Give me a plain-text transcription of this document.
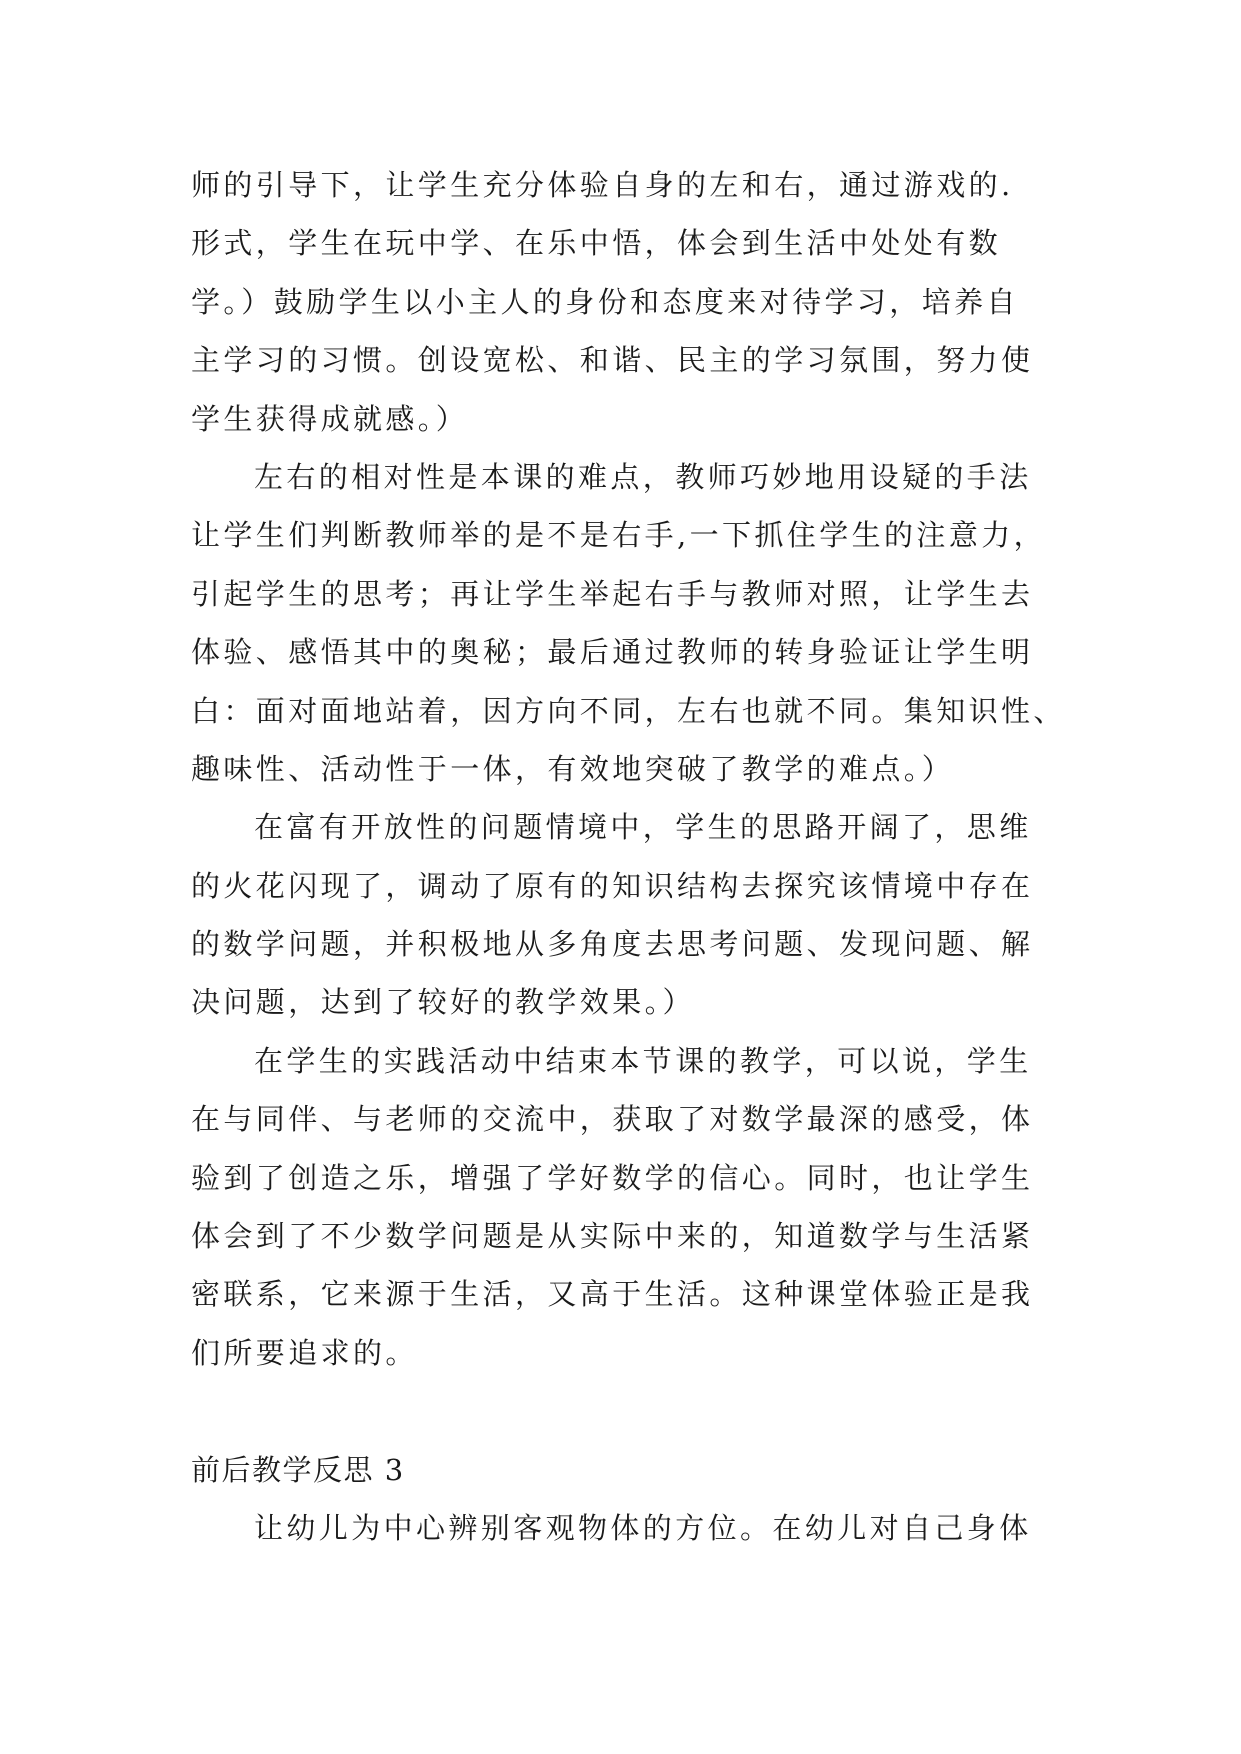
师的引导下，让学生充分体验自身的左和右，通过游戏的.
形式，学生在玩中学、在乐中悟，体会到生活中处处有数
学。）鼓励学生以小主人的身份和态度来对待学习，培养自
主学习的习惯。创设宽松、和谐、民主的学习氛围，努力使
学生获得成就感。）
左右的相对性是本课的难点，教师巧妙地用设疑的手法
让学生们判断教师举的是不是右手,一下抓住学生的注意力，
引起学生的思考；再让学生举起右手与教师对照，让学生去
体验、感悟其中的奥秘；最后通过教师的转身验证让学生明
白：面对面地站着，因方向不同，左右也就不同。集知识性、
趣味性、活动性于一体，有效地突破了教学的难点。）
在富有开放性的问题情境中，学生的思路开阔了，思维
的火花闪现了，调动了原有的知识结构去探究该情境中存在
的数学问题，并积极地从多角度去思考问题、发现问题、解
决问题，达到了较好的教学效果。）
在学生的实践活动中结束本节课的教学，可以说，学生
在与同伴、与老师的交流中，获取了对数学最深的感受，体
验到了创造之乐，增强了学好数学的信心。同时，也让学生
体会到了不少数学问题是从实际中来的，知道数学与生活紧
密联系，它来源于生活，又高于生活。这种课堂体验正是我
们所要追求的。
前后教学反思 3
让幼儿为中心辨别客观物体的方位。在幼儿对自己身体
